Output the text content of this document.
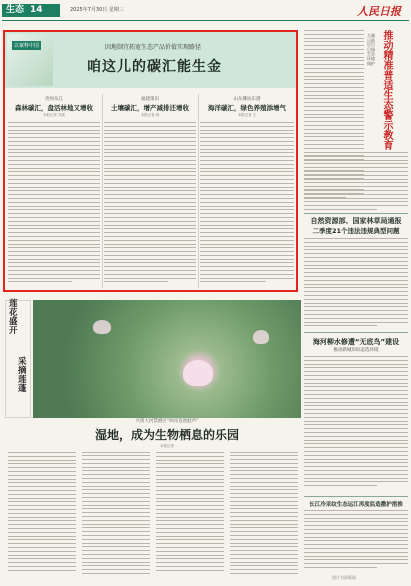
生态 14	2025年7月30日 星期三	人民日报
以案释中国	因地制宜拓宽生态产品价值实现路径
咱这儿的碳汇能生金
贵州从江
森林碳汇，盘活林地又增收
本报记者 苏滨
福建莆田
土壤碳汇，增产减排还增收
本报记者 林
山东潍坊东港
海洋碳汇，绿色养殖添增气
本报记者 王
大量日前后日日绿生态环境保护 推动精准普适生态警示教育
自然资源部、国家林草局通报
二季度21个违法违规典型问题
海河柳水修遭“无底鸟”建设
推动新城岸综态选环境
长江冷采纹生态运江再度监造撒护措推
莲花盛开
采摘莲蓬
兴奥大河禁渔区“两岸连池蛙声”
湿地，成为生物栖息的乐园
本报记者
图片为原版面
